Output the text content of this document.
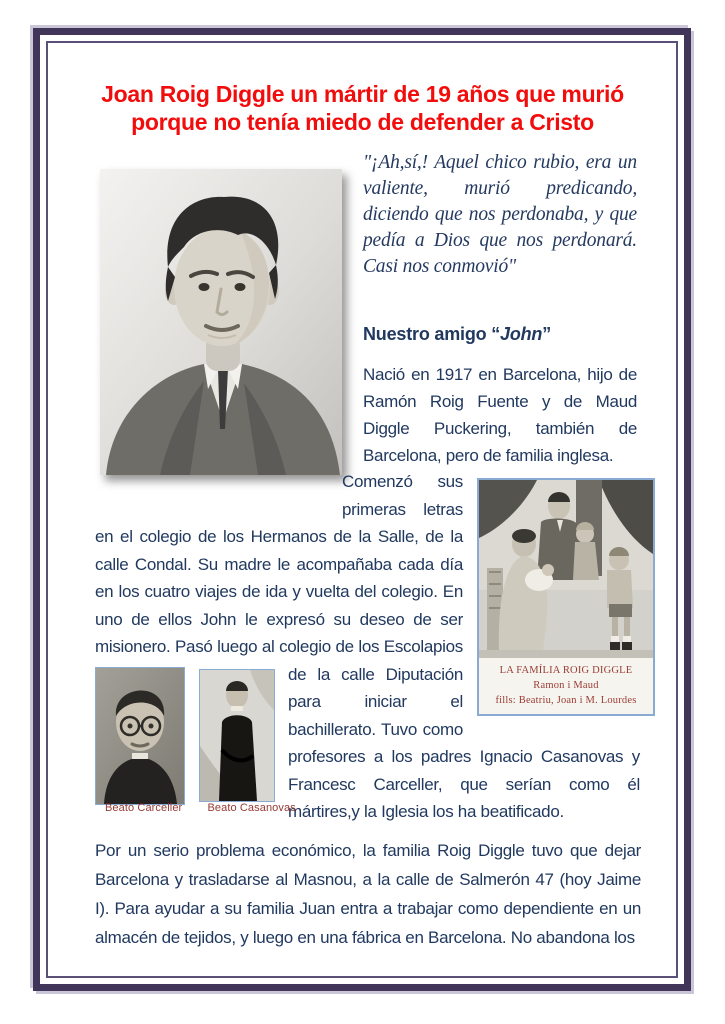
Joan Roig Diggle un mártir de 19 años que murió
porque no tenía miedo de defender a Cristo

"¡Ah,sí,! Aquel chico rubio, era un valiente, murió predicando, diciendo que nos perdonaba, y que pedía a Dios que nos perdonará. Casi nos conmovió"

Nuestro amigo “John”

Nació en 1917 en Barcelona, hijo de Ramón Roig Fuente y de Maud Diggle Puckering, también de Barcelona, pero de familia inglesa.

LA FAMÍLIA ROIG DIGGLE
Ramon i Maud
fills: Beatriu, Joan i M. Lourdes
Comenzó sus primeras letras en el colegio de los Hermanos de la Salle, de la calle Condal. Su madre le acompañaba cada día en los cuatro viajes de ida y vuelta del colegio. En uno de ellos John le expresó su deseo de ser misionero. Pasó luego al colegio de los Escolapios de la calle
Diputación para iniciar el bachillerato. Tuvo como profesores a los padres Ignacio Casanovas y Francesc Carceller, que serían como él mártires,y la Iglesia los ha beatificado.
Beato Carceller Beato Casanovas

Por un serio problema económico, la familia Roig Diggle tuvo que dejar Barcelona y trasladarse al Masnou, a la calle de Salmerón 47 (hoy Jaime I). Para ayudar a su familia Juan entra a trabajar como dependiente en un almacén de tejidos, y luego en una fábrica en Barcelona. No abandona los
